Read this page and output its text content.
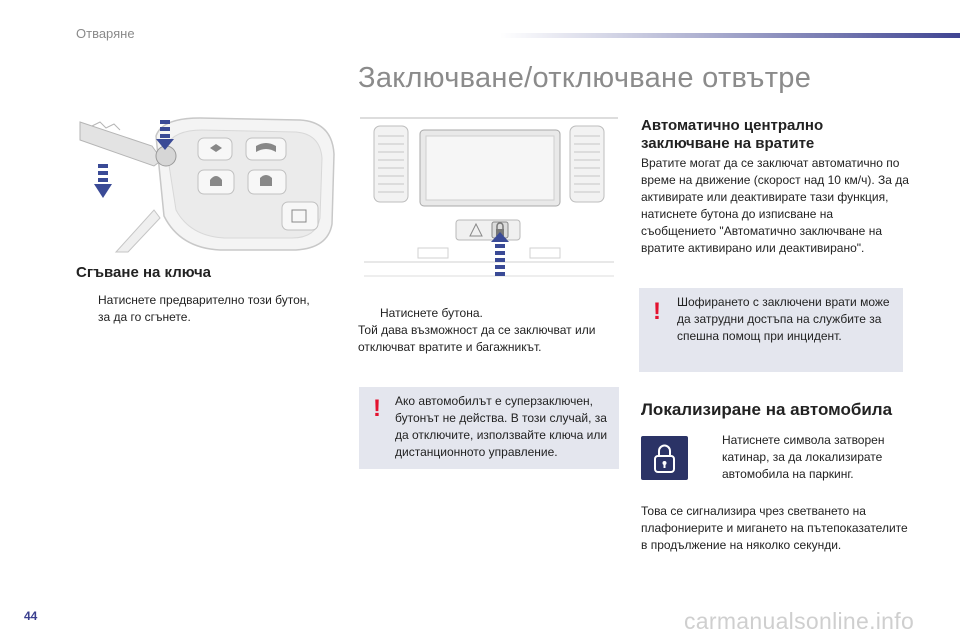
Отваряне
Заключване/отключване отвътре
Сгъване на ключа
Натиснете предварително този бутон,
за да го сгънете.	Натиснете бутона.
Той дава възможност да се заключват или отключват вратите и багажникът.
! Ако автомобилът е суперзаключен, бутонът не действа. В този случай, за да отключите, използвайте ключа или дистанционното управление.
Автоматично централно заключване на вратите
Вратите могат да се заключат автоматично по време на движение (скорост над 10 км/ч). За да активирате или деактивирате тази функция, натиснете бутона до изписване на съобщението "Автоматично заключване на вратите активирано или деактивирано".
! Шофирането с заключени врати може да затрудни достъпа на службите за спешна помощ при инцидент.
Локализиране на автомобила
Натиснете символа затворен
катинар, за да локализирате автомобила на паркинг.
Това се сигнализира чрез светването на плафониерите и мигането на пътепоказателите в продължение на няколко секунди.
44	carmanualsonline.info
